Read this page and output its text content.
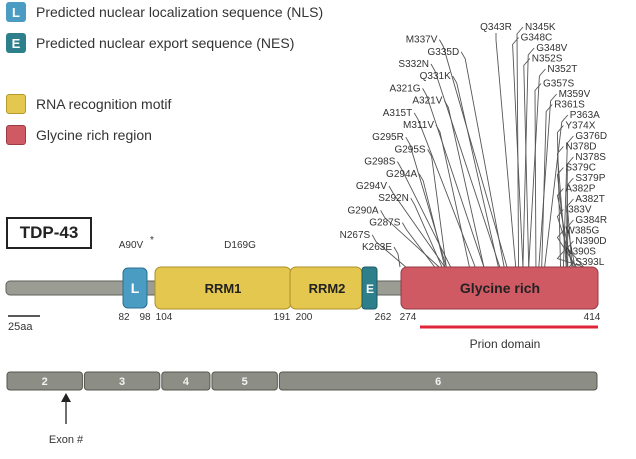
L	Predicted nuclear localization sequence (NLS)
E	Predicted nuclear export sequence (NES)
RNA recognition motif
Glycine rich region
TDP-43
L	RRM1	RRM2 E	Glycine rich
82 98 104	191 200	262 274	414
25aa
Prion domain
A90V *	D169G
2	3	4	5	6
Exon #
K263E
N267S
G287S
G290A
S292N
G294V
G294A
G298S
G295S
G295R
M311V
A315T
A321V
A321G
Q331K
S332N
G335D
M337V
Q343R N345K
G348C
G348V
N352S
N352T
G357S
M359V
R361S
P363A
Y374X
G376D
N378D
N378S
S379C
S379P
A382P
A382T
I383V
G384R
W385G
N390D
N390S
S393L
